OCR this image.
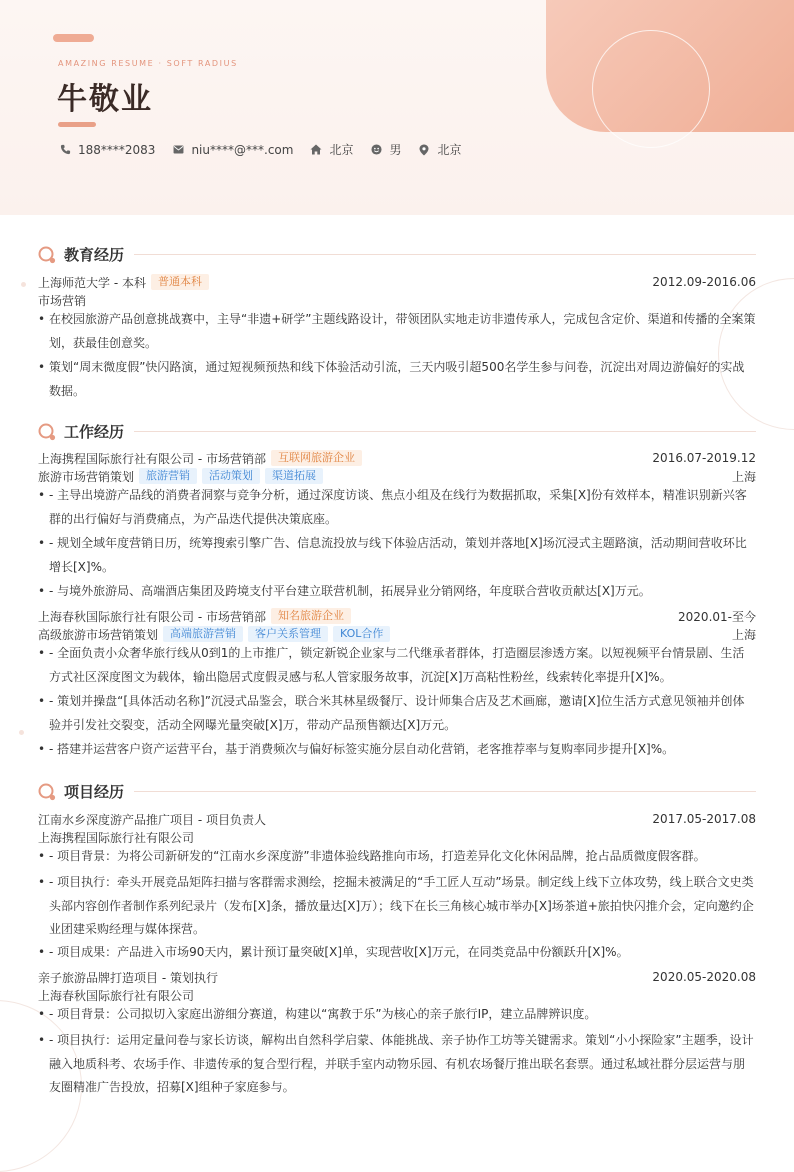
AMAZING RESUME · SOFT RADIUS
牛敬业
188****2083	niu****@***.com	北京	男	北京
教育经历
上海师范大学 - 本科	普通本科	2012.09-2016.06
市场营销
• 在校园旅游产品创意挑战赛中，主导“非遗+研学”主题线路设计，带领团队实地走访非遗传承人，完成包含定价、渠道和传播的全案策划，获最佳创意奖。
• 策划“周末微度假”快闪路演，通过短视频预热和线下体验活动引流，三天内吸引超500名学生参与问卷，沉淀出对周边游偏好的实战数据。
工作经历
上海携程国际旅行社有限公司 - 市场营销部	互联网旅游企业	2016.07-2019.12
旅游市场营销策划	旅游营销	活动策划	渠道拓展	上海
• - 主导出境游产品线的消费者洞察与竞争分析，通过深度访谈、焦点小组及在线行为数据抓取，采集[X]份有效样本，精准识别新兴客群的出行偏好与消费痛点，为产品迭代提供决策底座。
• - 规划全域年度营销日历，统筹搜索引擎广告、信息流投放与线下体验店活动，策划并落地[X]场沉浸式主题路演，活动期间营收环比增长[X]%。
• - 与境外旅游局、高端酒店集团及跨境支付平台建立联营机制，拓展异业分销网络，年度联合营收贡献达[X]万元。
上海春秋国际旅行社有限公司 - 市场营销部	知名旅游企业	2020.01-至今
高级旅游市场营销策划	高端旅游营销	客户关系管理	KOL合作	上海
• - 全面负责小众奢华旅行线从0到1的上市推广，锁定新锐企业家与二代继承者群体，打造圈层渗透方案。以短视频平台情景剧、生活方式社区深度图文为载体，输出隐居式度假灵感与私人管家服务故事，沉淀[X]万高粘性粉丝，线索转化率提升[X]%。
• - 策划并操盘“[具体活动名称]”沉浸式品鉴会，联合米其林星级餐厅、设计师集合店及艺术画廊，邀请[X]位生活方式意见领袖并创体验并引发社交裂变，活动全网曝光量突破[X]万，带动产品预售额达[X]万元。
• - 搭建并运营客户资产运营平台，基于消费频次与偏好标签实施分层自动化营销，老客推荐率与复购率同步提升[X]%。
项目经历
江南水乡深度游产品推广项目 - 项目负责人	2017.05-2017.08
上海携程国际旅行社有限公司
• - 项目背景：为将公司新研发的“江南水乡深度游”非遗体验线路推向市场，打造差异化文化休闲品牌，抢占品质微度假客群。
• - 项目执行：牵头开展竞品矩阵扫描与客群需求测绘，挖掘未被满足的“手工匠人互动”场景。制定线上线下立体攻势，线上联合文史类头部内容创作者制作系列纪录片（发布[X]条，播放量达[X]万）；线下在长三角核心城市举办[X]场茶道+旅拍快闪推介会，定向邀约企业团建采购经理与媒体探营。
• - 项目成果：产品进入市场90天内，累计预订量突破[X]单，实现营收[X]万元，在同类竞品中份额跃升[X]%。
亲子旅游品牌打造项目 - 策划执行	2020.05-2020.08
上海春秋国际旅行社有限公司
• - 项目背景：公司拟切入家庭出游细分赛道，构建以“寓教于乐”为核心的亲子旅行IP，建立品牌辨识度。
• - 项目执行：运用定量问卷与家长访谈，解构出自然科学启蒙、体能挑战、亲子协作工坊等关键需求。策划“小小探险家”主题季，设计融入地质科考、农场手作、非遗传承的复合型行程，并联手室内动物乐园、有机农场餐厅推出联名套票。通过私域社群分层运营与朋友圈精准广告投放，招募[X]组种子家庭参与。
